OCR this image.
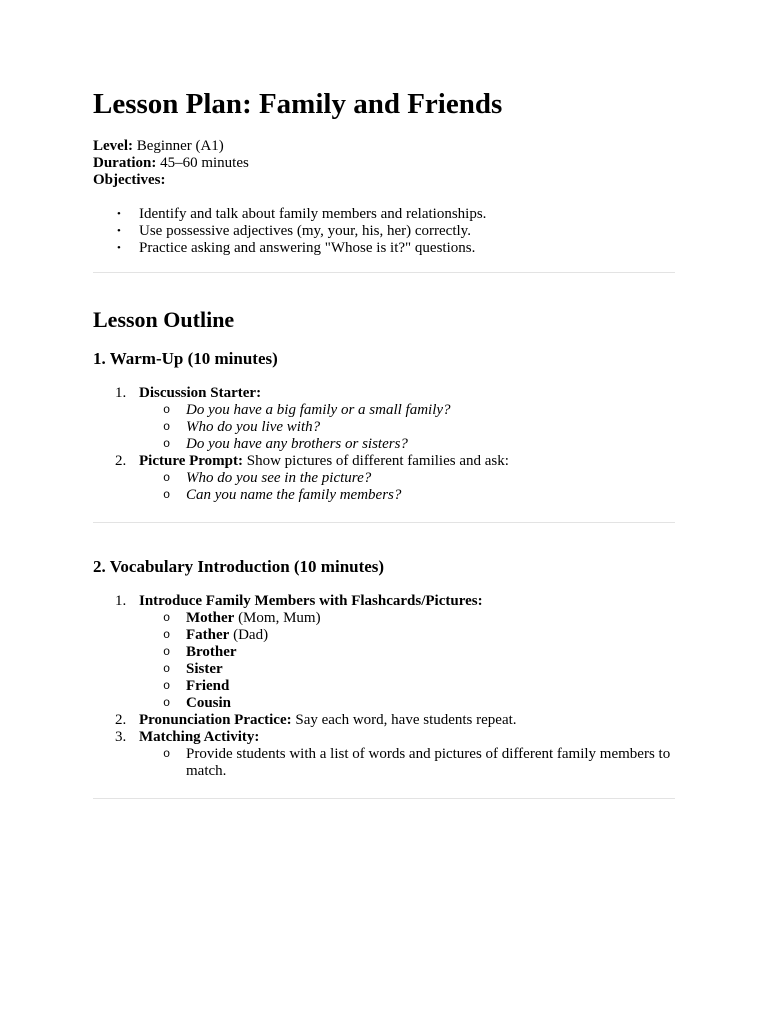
Lesson Plan: Family and Friends
Level: Beginner (A1)
Duration: 45–60 minutes
Objectives:
• Identify and talk about family members and relationships.
• Use possessive adjectives (my, your, his, her) correctly.
• Practice asking and answering "Whose is it?" questions.
Lesson Outline
1. Warm-Up (10 minutes)
1. Discussion Starter:
o Do you have a big family or a small family?
o Who do you live with?
o Do you have any brothers or sisters?
2. Picture Prompt: Show pictures of different families and ask:
o Who do you see in the picture?
o Can you name the family members?
2. Vocabulary Introduction (10 minutes)
1. Introduce Family Members with Flashcards/Pictures:
o Mother (Mom, Mum)
o Father (Dad)
o Brother
o Sister
o Friend
o Cousin
2. Pronunciation Practice: Say each word, have students repeat.
3. Matching Activity:
o Provide students with a list of words and pictures of different family members to match.
